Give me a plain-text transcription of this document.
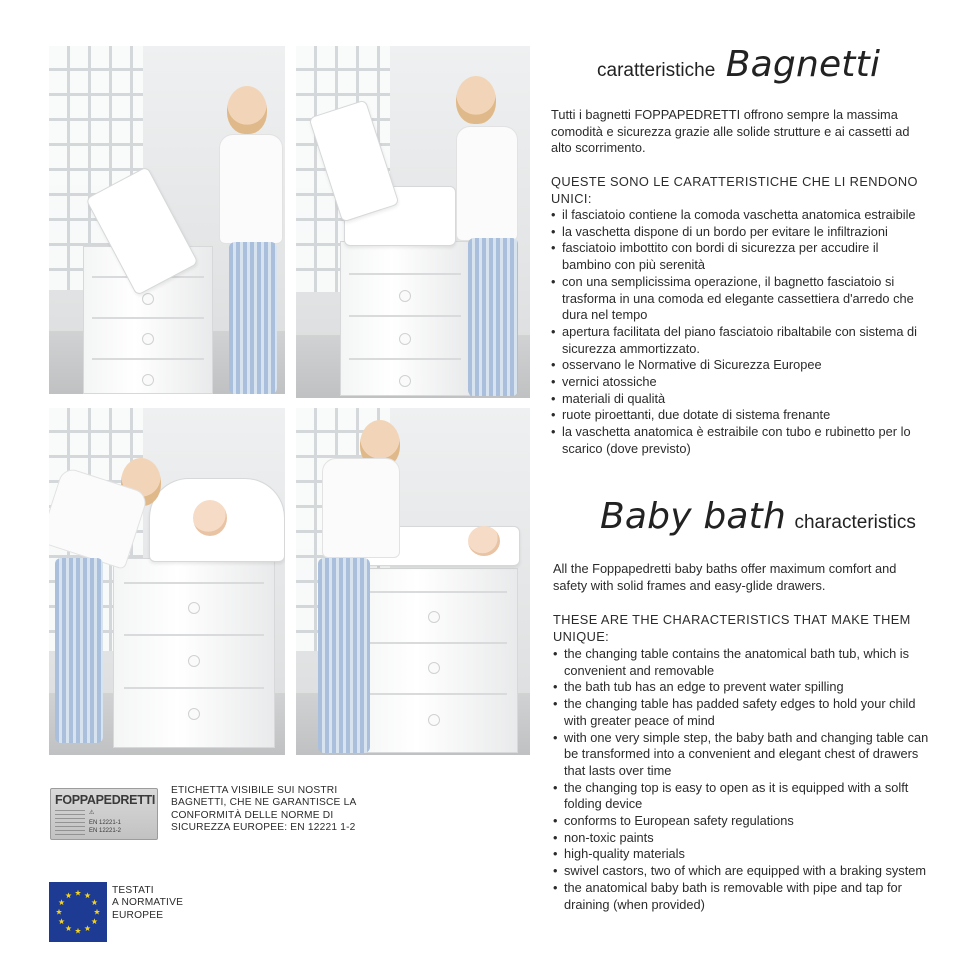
caratteristiche Bagnetti

Tutti i bagnetti FOPPAPEDRETTI offrono sempre la massima comodità e sicurezza grazie alle solide strutture e ai cassetti ad alto scorrimento.

QUESTE SONO LE CARATTERISTICHE CHE LI RENDONO UNICI:

• il fasciatoio contiene la comoda vaschetta anatomica estraibile
• la vaschetta dispone di un bordo per evitare le infiltrazioni
• fasciatoio imbottito con bordi di sicurezza per accudire il bambino con più serenità
• con una semplicissima operazione, il bagnetto fasciatoio si trasforma in una comoda ed elegante cassettiera d'arredo che dura nel tempo
• apertura facilitata del piano fasciatoio ribaltabile con sistema di sicurezza ammortizzato.
• osservano le Normative di Sicurezza Europee
• vernici atossiche
• materiali di qualità
• ruote piroettanti, due dotate di sistema frenante
• la vaschetta anatomica è estraibile con tubo e rubinetto per lo scarico (dove previsto)
Baby bath characteristics

All the Foppapedretti baby baths offer maximum comfort and safety with solid frames and easy-glide drawers.

THESE ARE THE CHARACTERISTICS THAT MAKE THEM UNIQUE:

• the changing table contains the anatomical bath tub, which is convenient and removable
• the bath tub has an edge to prevent water spilling
• the changing table has padded safety edges to hold your child with greater peace of mind
• with one very simple step, the baby bath and changing table can be transformed into a convenient and elegant chest of drawers that lasts over time
• the changing top is easy to open as it is equipped with a solft folding device
• conforms to European safety regulations
• non-toxic paints
• high-quality materials
• swivel castors, two of which are equipped with a braking system
• the anatomical baby bath is removable with pipe and tap for draining (when provided)
FOPPAPEDRETTI
⚠
EN 12221-1
EN 12221-2

ETICHETTA VISIBILE SUI NOSTRI BAGNETTI, CHE NE GARANTISCE LA CONFORMITÀ DELLE NORME DI SICUREZZA EUROPEE: EN 12221 1-2

TESTATI
A NORMATIVE
EUROPEE
